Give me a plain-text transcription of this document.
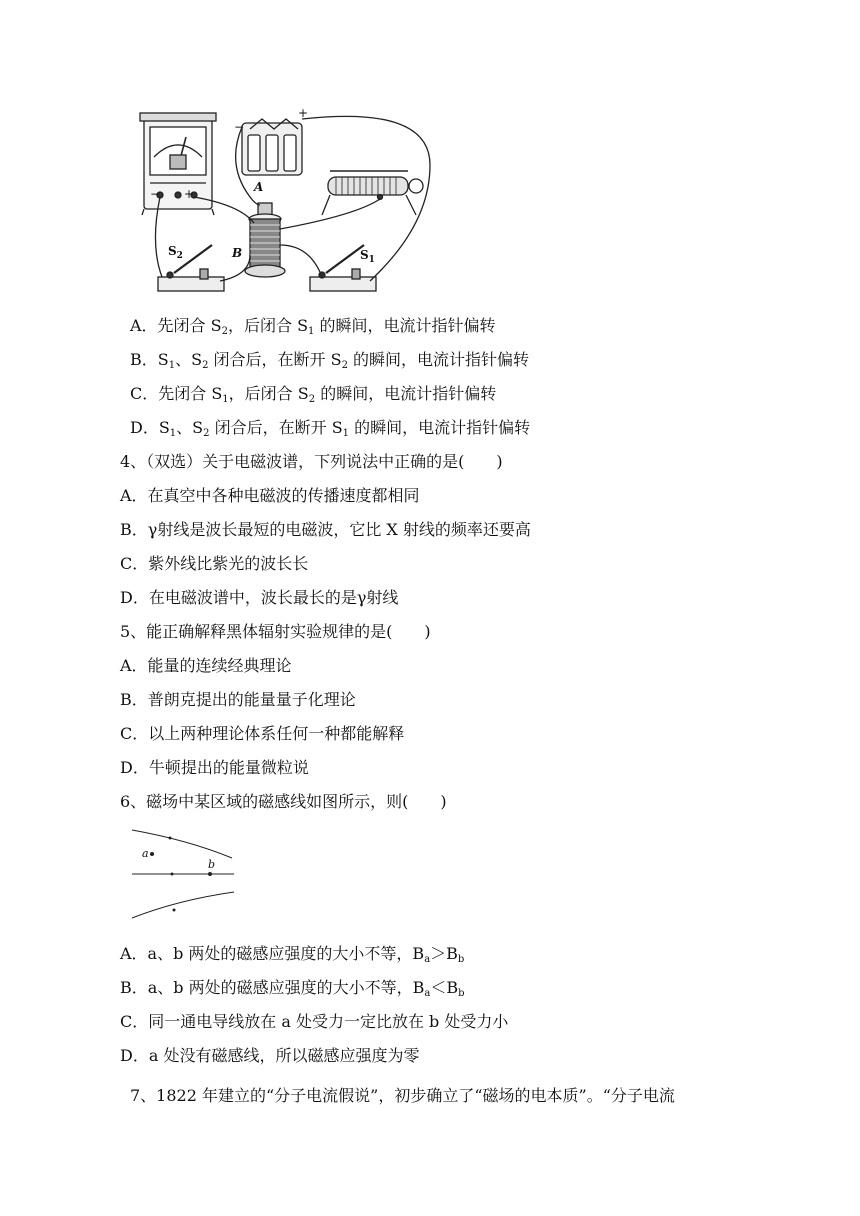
− +
−
+
A
B
$S_2$	$S_1$
A．先闭合 $S_2$，后闭合 $S_1$ 的瞬间，电流计指针偏转
B．$S_1$、$S_2$ 闭合后，在断开 $S_2$ 的瞬间，电流计指针偏转
C．先闭合 $S_1$，后闭合 $S_2$ 的瞬间，电流计指针偏转
D．$S_1$、$S_2$ 闭合后，在断开 $S_1$ 的瞬间，电流计指针偏转
4、（双选）关于电磁波谱，下列说法中正确的是(　　)
A．在真空中各种电磁波的传播速度都相同
B．γ射线是波长最短的电磁波，它比 X 射线的频率还要高
C．紫外线比紫光的波长长
D．在电磁波谱中，波长最长的是γ射线
5、能正确解释黑体辐射实验规律的是(　　)
A．能量的连续经典理论
B．普朗克提出的能量量子化理论
C．以上两种理论体系任何一种都能解释
D．牛顿提出的能量微粒说
6、磁场中某区域的磁感线如图所示，则(　　)
a
b
A．a、b 两处的磁感应强度的大小不等，$B_a>B_b$
B．a、b 两处的磁感应强度的大小不等，$B_a<B_b$
C．同一通电导线放在 a 处受力一定比放在 b 处受力小
D．a 处没有磁感线，所以磁感应强度为零
7、1822 年建立的“分子电流假说”，初步确立了“磁场的电本质”。“分子电流
